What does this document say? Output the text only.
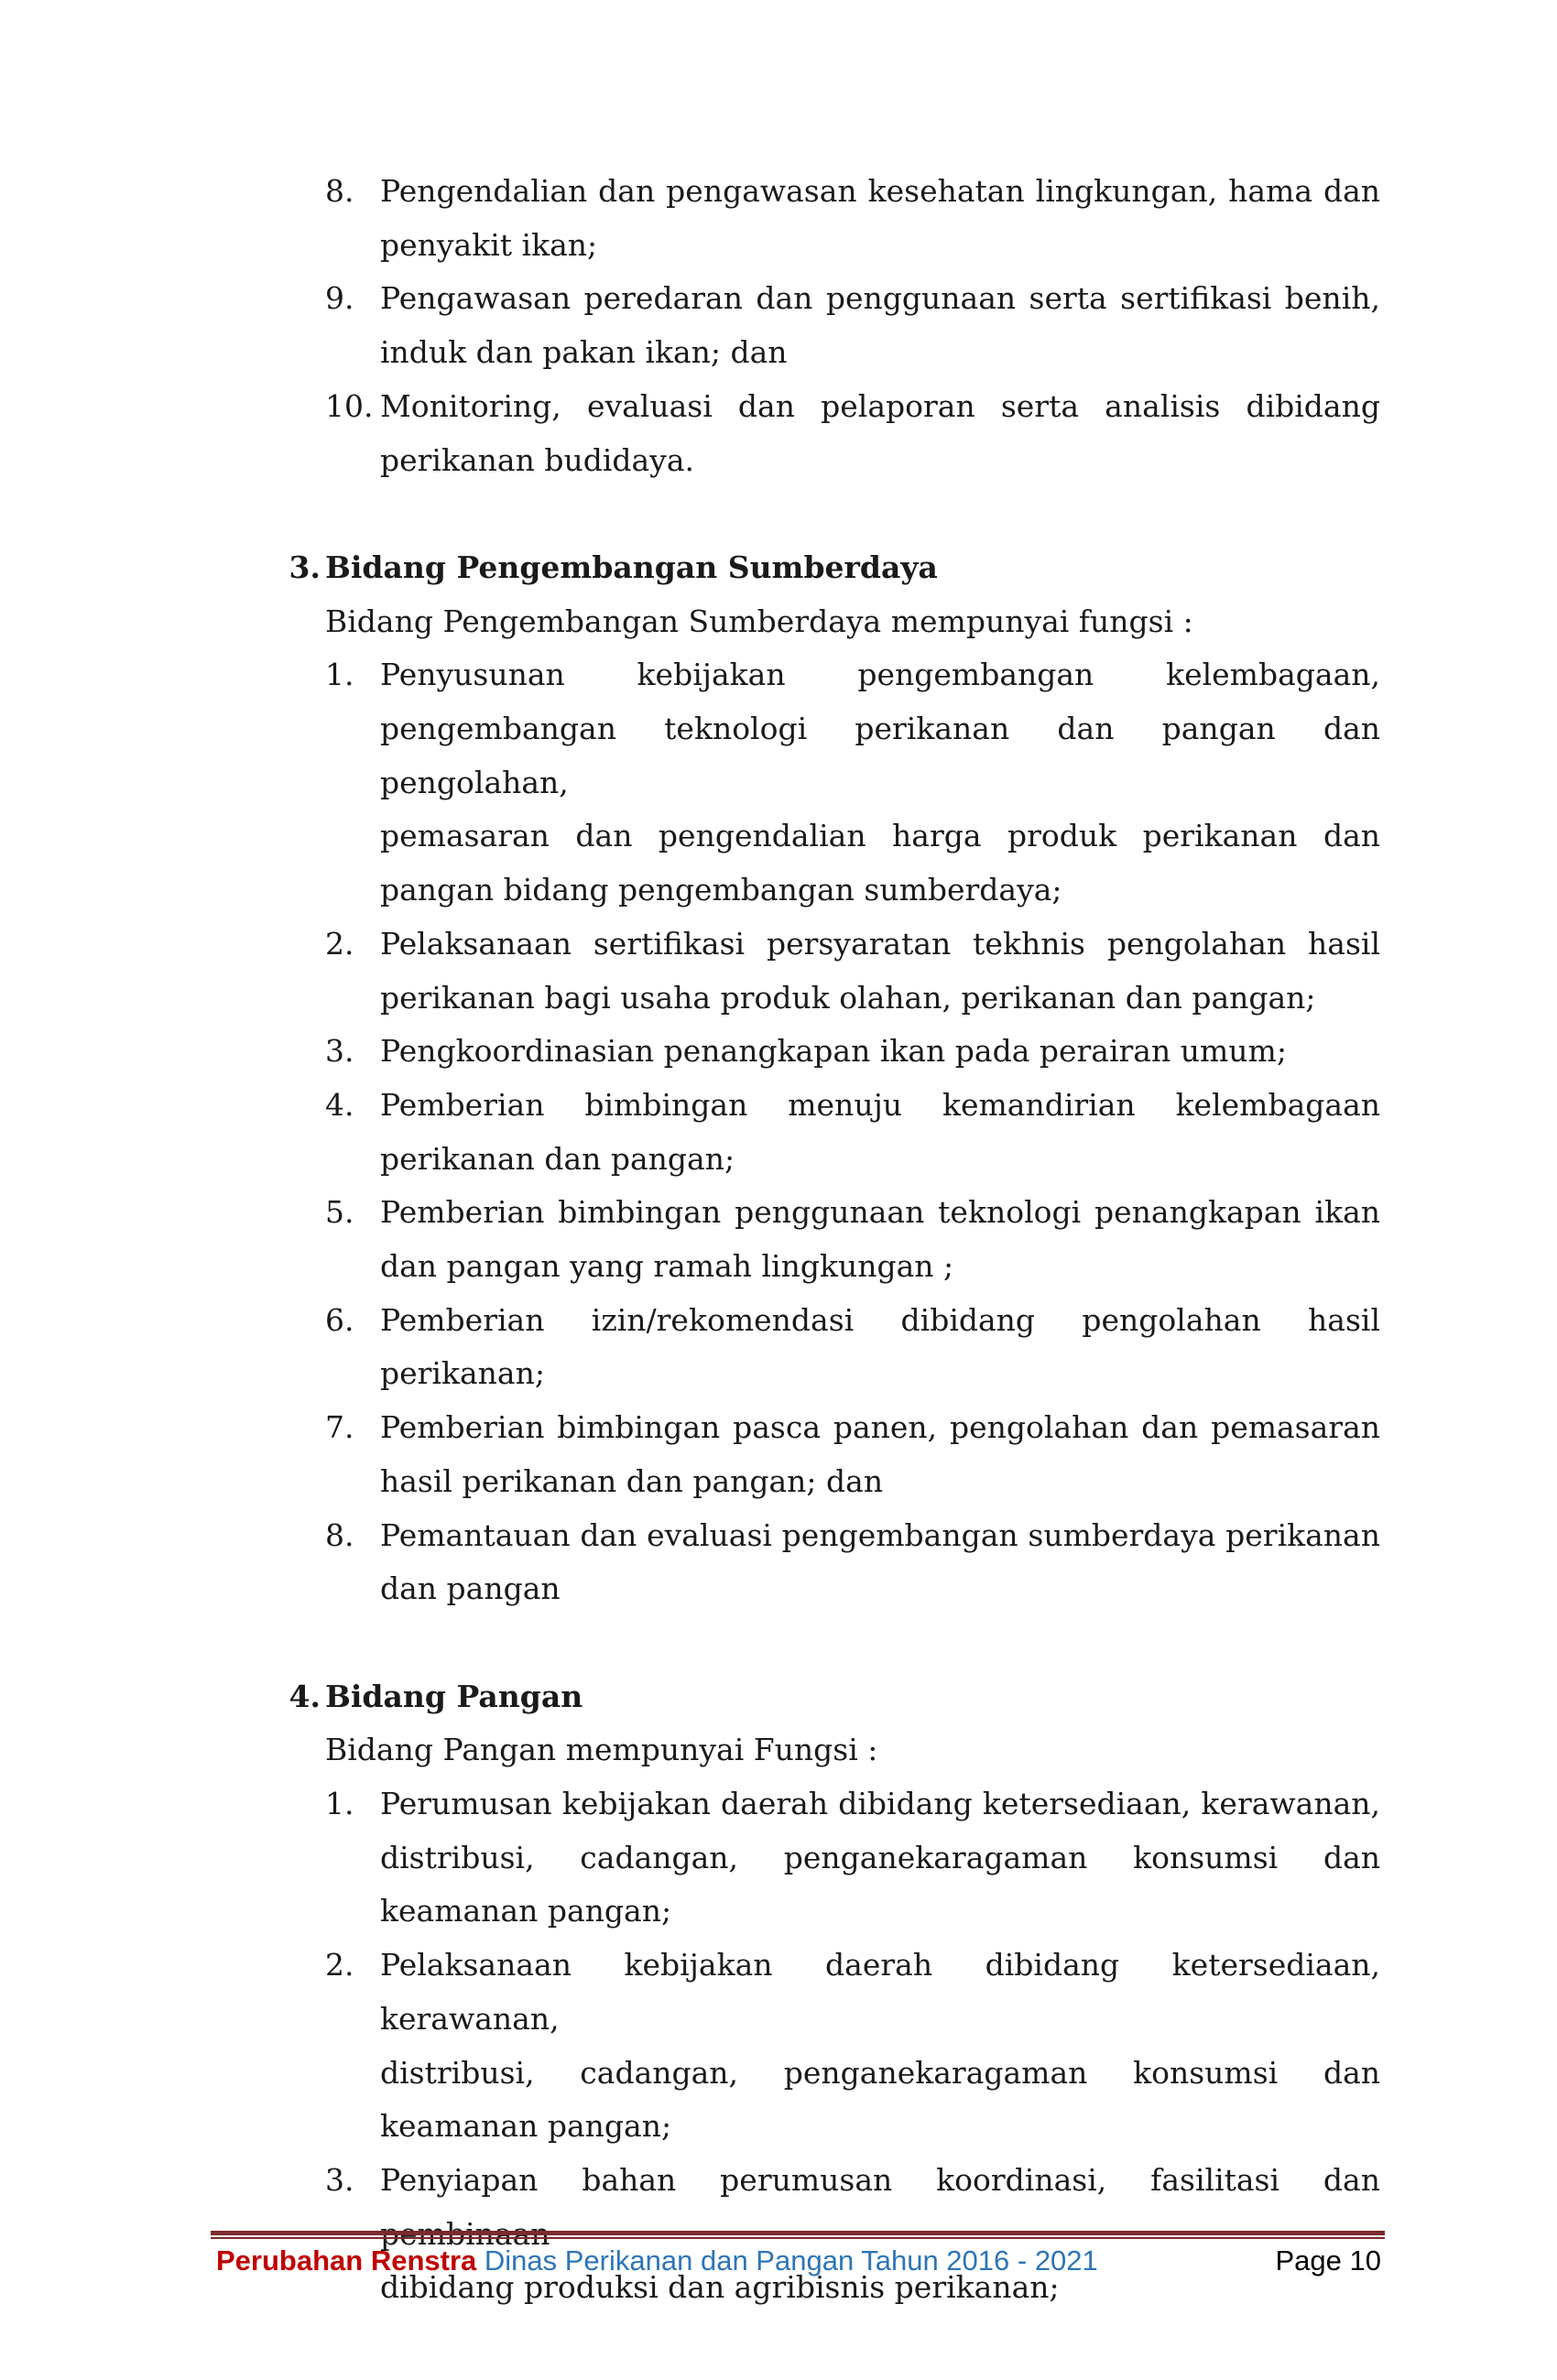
8. Pengendalian dan pengawasan kesehatan lingkungan, hama dan
penyakit ikan;
9. Pengawasan peredaran dan penggunaan serta sertifikasi benih,
induk dan pakan ikan; dan
10. Monitoring, evaluasi dan pelaporan serta analisis dibidang
perikanan budidaya.
3. Bidang Pengembangan Sumberdaya
Bidang Pengembangan Sumberdaya mempunyai fungsi :
1. Penyusunan kebijakan pengembangan kelembagaan,
pengembangan teknologi perikanan dan pangan dan pengolahan,
pemasaran dan pengendalian harga produk perikanan dan
pangan bidang pengembangan sumberdaya;
2. Pelaksanaan sertifikasi persyaratan tekhnis pengolahan hasil
perikanan bagi usaha produk olahan, perikanan dan pangan;
3. Pengkoordinasian penangkapan ikan pada perairan umum;
4. Pemberian bimbingan menuju kemandirian kelembagaan
perikanan dan pangan;
5. Pemberian bimbingan penggunaan teknologi penangkapan ikan
dan pangan yang ramah lingkungan ;
6. Pemberian izin/rekomendasi dibidang pengolahan hasil
perikanan;
7. Pemberian bimbingan pasca panen, pengolahan dan pemasaran
hasil perikanan dan pangan; dan
8. Pemantauan dan evaluasi pengembangan sumberdaya perikanan
dan pangan
4. Bidang Pangan
Bidang Pangan mempunyai Fungsi :
1. Perumusan kebijakan daerah dibidang ketersediaan, kerawanan,
distribusi, cadangan, penganekaragaman konsumsi dan
keamanan pangan;
2. Pelaksanaan kebijakan daerah dibidang ketersediaan, kerawanan,
distribusi, cadangan, penganekaragaman konsumsi dan
keamanan pangan;
3. Penyiapan bahan perumusan koordinasi, fasilitasi dan
dibidang produksi dan agribisnis perikanan;
Perubahan Renstra Dinas Perikanan dan Pangan Tahun 2016 - 2021	Page 10
